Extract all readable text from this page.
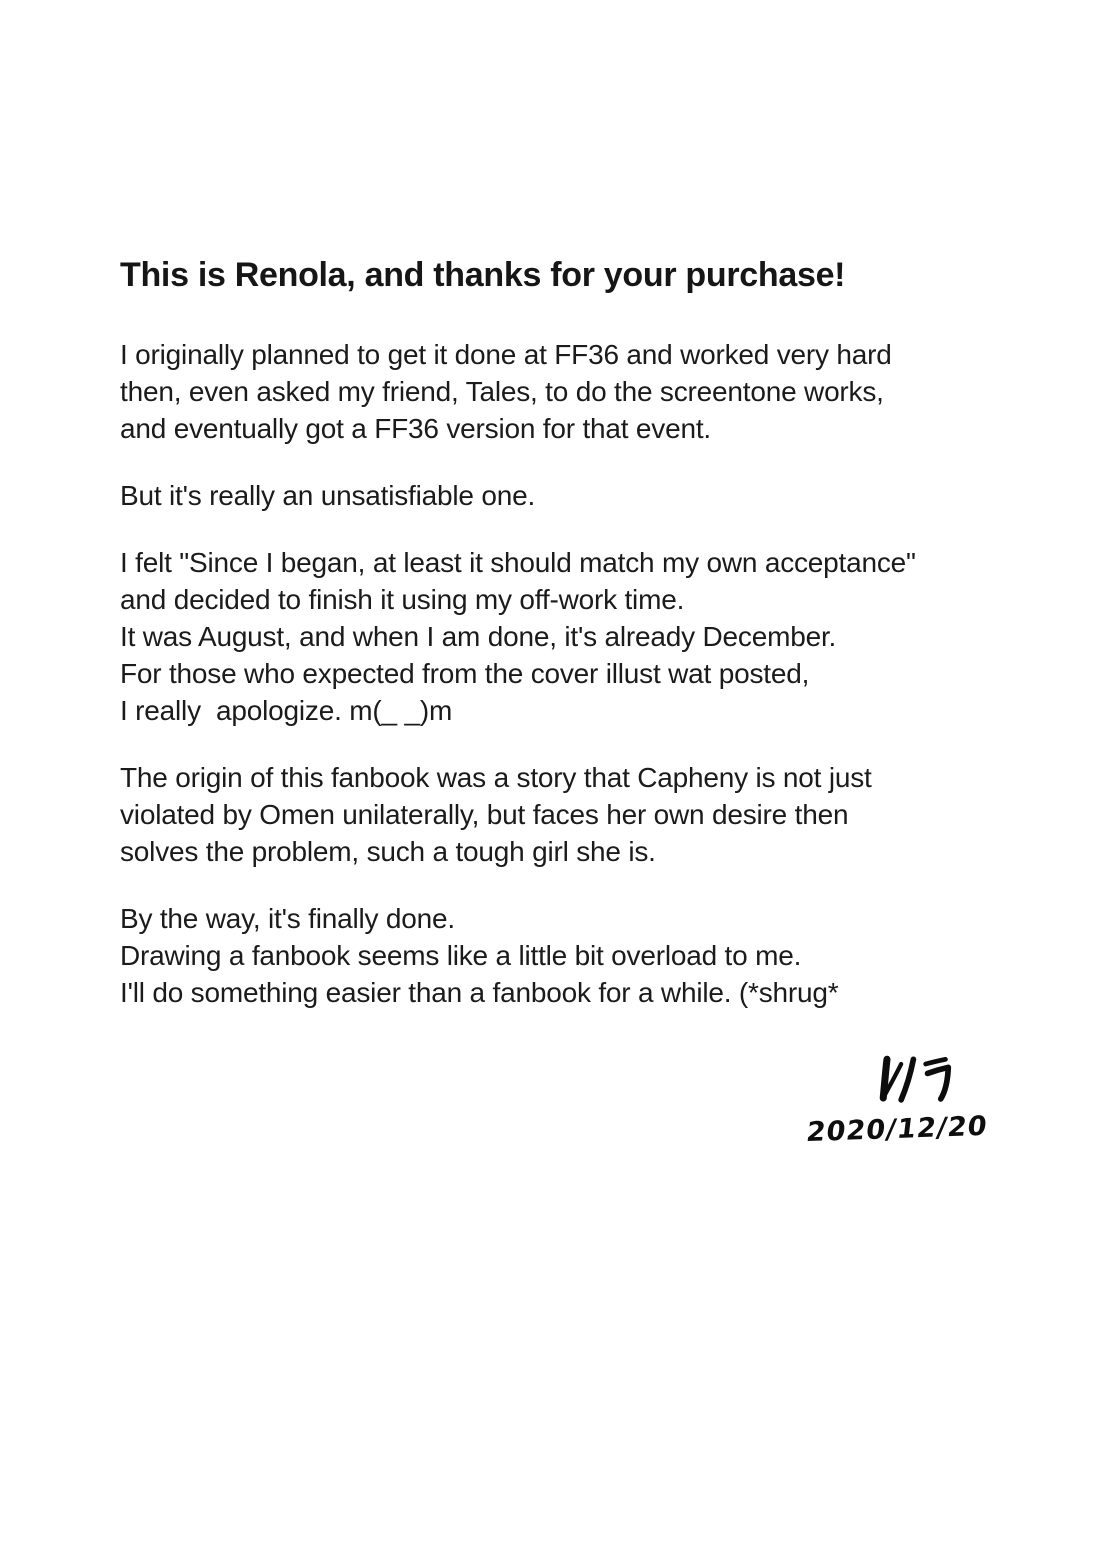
This is Renola, and thanks for your purchase!
I originally planned to get it done at FF36 and worked very hard
then, even asked my friend, Tales, to do the screentone works,
and eventually got a FF36 version for that event.
But it's really an unsatisfiable one.
I felt "Since I began, at least it should match my own acceptance"
and decided to finish it using my off-work time.
It was August, and when I am done, it's already December.
For those who expected from the cover illust wat posted,
I really  apologize. m(_ _)m
The origin of this fanbook was a story that Capheny is not just
violated by Omen unilaterally, but faces her own desire then
solves the problem, such a tough girl she is.
By the way, it's finally done.
Drawing a fanbook seems like a little bit overload to me.
I'll do something easier than a fanbook for a while. (*shrug*
2020/12/20
